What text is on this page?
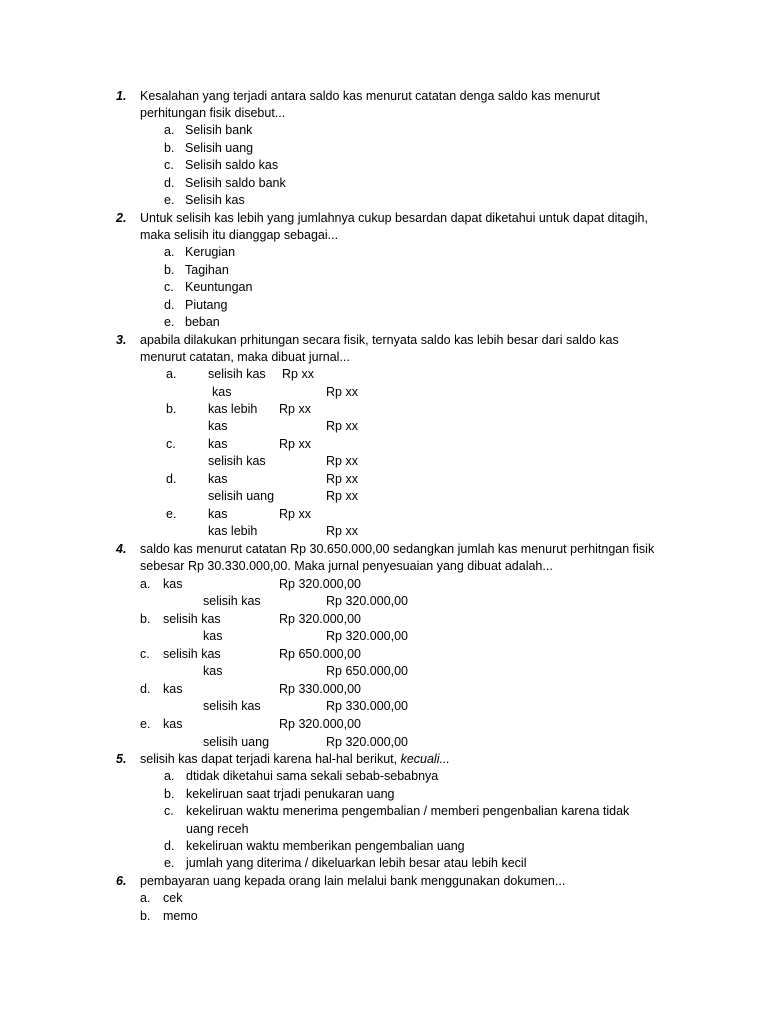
1. Kesalahan yang terjadi antara saldo kas menurut catatan denga saldo kas menurut
perhitungan fisik disebut...
a. Selisih bank
b. Selisih uang
c. Selisih saldo kas
d. Selisih saldo bank
e. Selisih kas
2. Untuk selisih kas lebih yang jumlahnya cukup besardan dapat diketahui untuk dapat ditagih,
maka selisih itu dianggap sebagai...
a. Kerugian
b. Tagihan
c. Keuntungan
d. Piutang
e. beban
3. apabila dilakukan prhitungan secara fisik, ternyata saldo kas lebih besar dari saldo kas
menurut catatan, maka dibuat jurnal...
a.	selisih kas Rp xx
kas	Rp xx
b.	kas lebih Rp xx
kas	Rp xx
c.	kas	Rp xx
selisih kas	Rp xx
d.	kas	Rp xx
selisih uang	Rp xx
e.	kas	Rp xx
kas lebih	Rp xx
4. saldo kas menurut catatan Rp 30.650.000,00 sedangkan jumlah kas menurut perhitngan fisik
sebesar Rp 30.330.000,00. Maka jurnal penyesuaian yang dibuat adalah...
a. kas	Rp 320.000,00
selisih kas	Rp 320.000,00
b. selisih kas	Rp 320.000,00
kas	Rp 320.000,00
c. selisih kas	Rp 650.000,00
kas	Rp 650.000,00
d. kas	Rp 330.000,00
selisih kas	Rp 330.000,00
e. kas	Rp 320.000,00
selisih uang	Rp 320.000,00
5. selisih kas dapat terjadi karena hal-hal berikut, kecuali...
a. dtidak diketahui sama sekali sebab-sebabnya
b. kekeliruan saat trjadi penukaran uang
c. kekeliruan waktu menerima pengembalian / memberi pengenbalian karena tidak
uang receh
d. kekeliruan waktu memberikan pengembalian uang
e. jumlah yang diterima / dikeluarkan lebih besar atau lebih kecil
6. pembayaran uang kepada orang lain melalui bank menggunakan dokumen...
a. cek
b. memo
